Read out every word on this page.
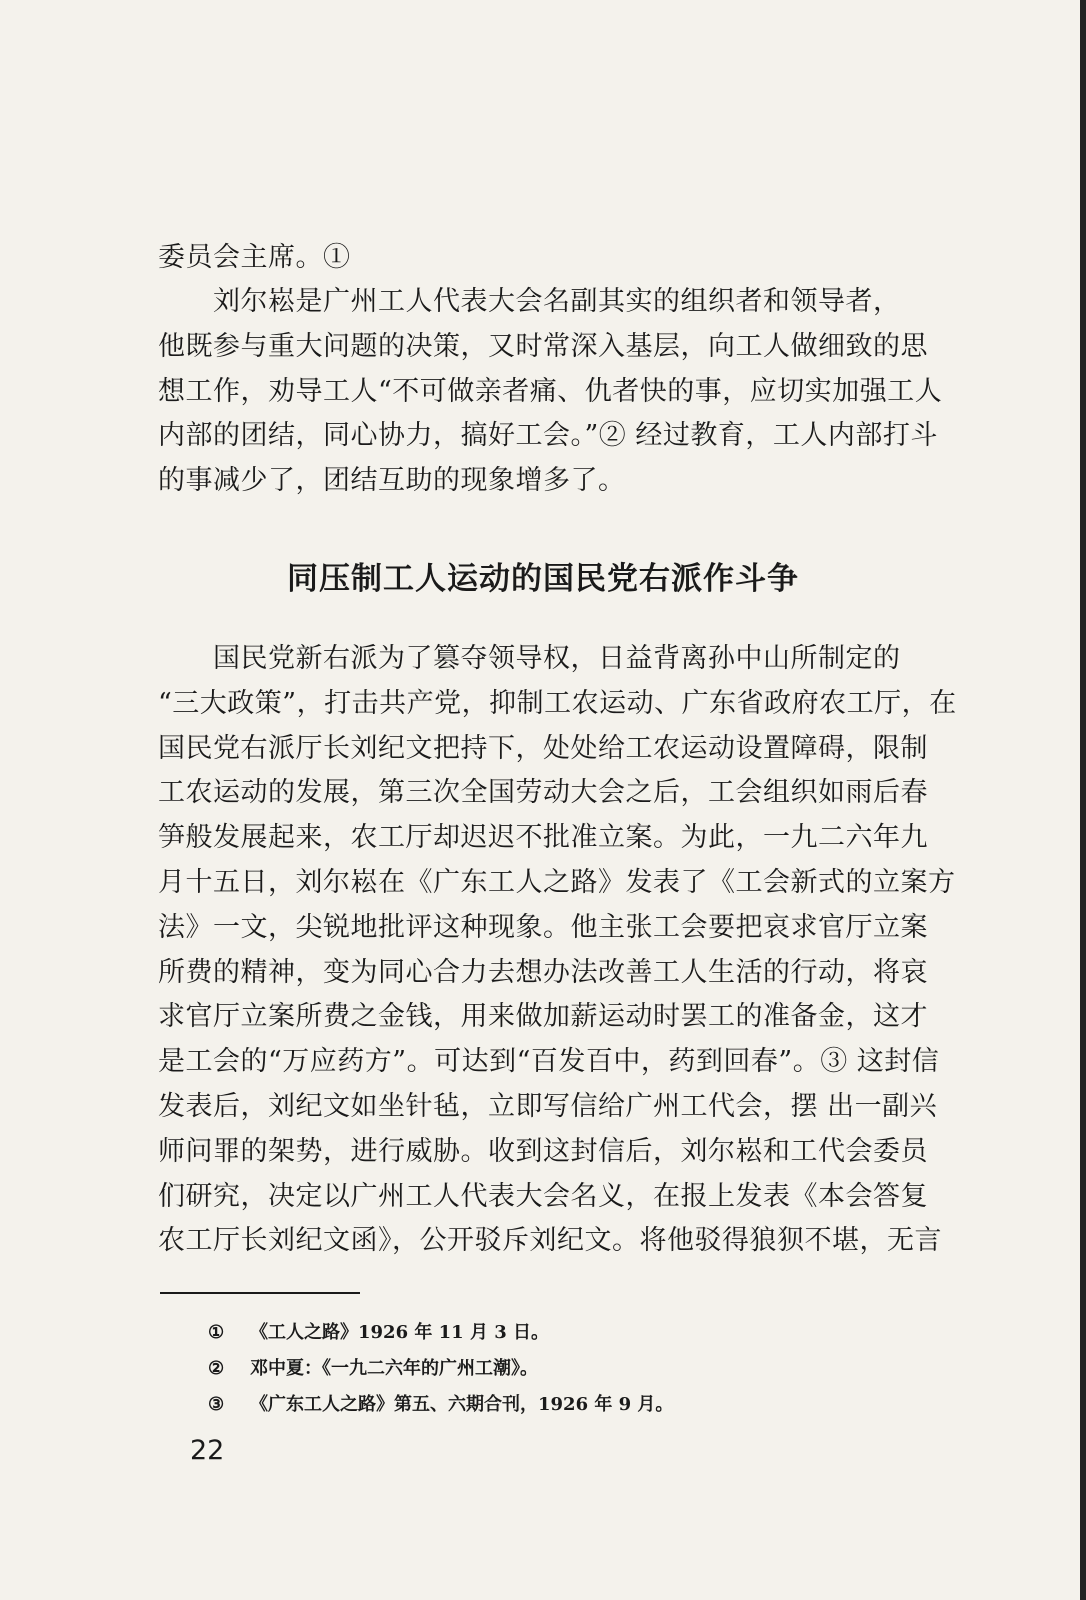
委员会主席。①

　　刘尔崧是广州工人代表大会名副其实的组织者和领导者，
他既参与重大问题的决策，又时常深入基层，向工人做细致的思
想工作，劝导工人“不可做亲者痛、仇者快的事，应切实加强工人
内部的团结，同心协力，搞好工会。”② 经过教育，工人内部打斗
的事减少了，团结互助的现象增多了。

同压制工人运动的国民党右派作斗争

　　国民党新右派为了篡夺领导权，日益背离孙中山所制定的
“三大政策”，打击共产党，抑制工农运动、广东省政府农工厅，在
国民党右派厅长刘纪文把持下，处处给工农运动设置障碍，限制
工农运动的发展，第三次全国劳动大会之后，工会组织如雨后春
笋般发展起来，农工厅却迟迟不批准立案。为此，一九二六年九
月十五日，刘尔崧在《广东工人之路》发表了《工会新式的立案方
法》一文，尖锐地批评这种现象。他主张工会要把哀求官厅立案
所费的精神，变为同心合力去想办法改善工人生活的行动，将哀
求官厅立案所费之金钱，用来做加薪运动时罢工的准备金，这才
是工会的“万应药方”。可达到“百发百中，药到回春”。③ 这封信
发表后，刘纪文如坐针毡，立即写信给广州工代会，摆 出一副兴
师问罪的架势，进行威胁。收到这封信后，刘尔崧和工代会委员
们研究，决定以广州工人代表大会名义，在报上发表《本会答复
农工厅长刘纪文函》，公开驳斥刘纪文。将他驳得狼狈不堪，无言

① 《工人之路》1926 年 11 月 3 日。
② 邓中夏：《一九二六年的广州工潮》。
③ 《广东工人之路》第五、六期合刊，1926 年 9 月。
22
